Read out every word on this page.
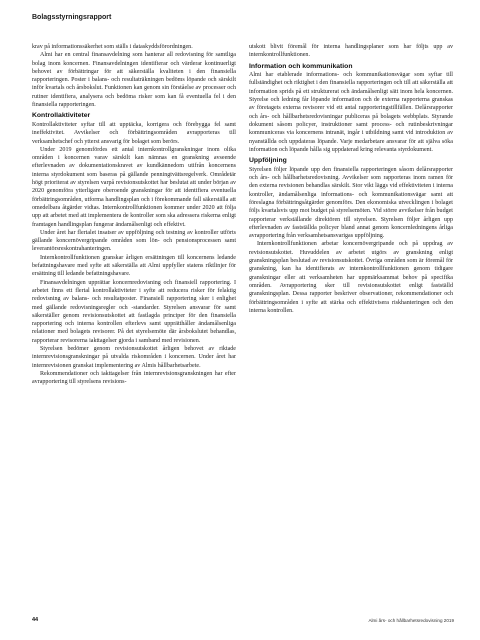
Bolagsstyrningsrapport

krav på informationssäkerhet som ställs i dataskyddsförordningen.

Almi har en central finansavdelning som hanterar all redovisning för samtliga bolag inom koncernen. Finansavdelningen identifierar och värderar kontinuerligt behovet av förbättringar för att säkerställa kvaliteten i den finansiella rapporteringen. Poster i balans- och resultaträkningen bedöms löpande och särskilt inför kvartals och årsbokslut. Funktionen kan genom sin förståelse av processer och rutiner identifiera, analysera och bedöma risker som kan få eventuella fel i den finansiella rapporteringen.

Kontrollaktiviteter

Kontrollaktiviteter syftar till att upptäcka, korrigera och förebygga fel samt ineffektivitet. Avvikelser och förbättringsområden avrapporteras till verksamhetschef och ytterst ansvarig för bolaget som berörs.

Under 2019 genomfördes ett antal internkontrollgranskningar inom olika områden i koncernen varav särskilt kan nämnas en granskning avseende efterlevnaden av dokumentationskravet av kundkännedom utifrån koncernens interna styrdokument som baseras på gällande penningtvättsregelverk. Områdetär högt prioriterat av styrelsen varpå revisionsutskottet har beslutat att under början av 2020 genomföra ytterligare oberoende granskningar för att identifiera eventuella förbättringsområden, utforma handlingsplan och i förekommande fall säkerställa att omedelbara åtgärder vidtas. Internkontrollfunktionen kommer under 2020 att följa upp att arbetet med att implementera de kontroller som ska adressera riskerna enligt framtagen handlingsplan fungerar ändamålsenligt och effektivt.

Under året har flertalet insatser av uppföljning och testning av kontroller utförts gällande koncernövergripande områden som lön- och pensionsprocessen samt leverantörsreskontrahanteringen.

Internkontrollfunktionen granskar årligen ersättningen till koncernens ledande befattningshavare med syfte att säkerställa att Almi uppfyller statens riktlinjer för ersättning till ledande befattningshavare.

Finansavdelningen upprättar koncernredovisning och finansiell rapportering. I arbetet finns ett flertal kontrollaktiviteter i syfte att reducera risker för felaktig redovisning av balans- och resultatposter. Finansiell rapportering sker i enlighet med gällande redovisningsregler och -standarder. Styrelsen ansvarar för samt säkerställer genom revisionsutskottet att fastlagda principer för den finansiella rapportering och interna kontrollen efterlevs samt upprätthåller ändamålsenliga relationer med bolagets revisorer. På det styrelsemöte där årsbokslutet behandlas, rapporterar revisorerna iakttagelser gjorda i samband med revisionen.

Styrelsen bedömer genom revisionsutskottet årligen behovet av riktade internrevisionsgranskningar på utvalda riskområden i koncernen. Under året har internrevisionen granskat implementering av Almis hållbarhetsarbete.

Rekommendationer och iakttagelser från internrevisionsgranskningen har efter avrapportering till styrelsens revisions-

utskott blivit föremål för interna handlingsplaner som har följts upp av internkontrollfunktionen.

Information och kommunikation

Almi har etablerade informations- och kommunikationsvägar som syftar till fullständighet och riktighet i den finansiella rapporteringen och till att säkerställa att information sprids på ett strukturerat och ändamålsenligt sätt inom hela koncernen. Styrelse och ledning får löpande information och de externa rapporterna granskas av företagets externa revisorer vid ett antal rapporteringstillfällen. Delårsrapporter och års- och hållbarhetsredovisningar publiceras på bolagets webbplats. Styrande dokument såsom policyer, instruktioner samt process- och rutinbeskrivningar kommuniceras via koncernens intranät, ingår i utbildning samt vid introduktion av nyanställda och uppdateras löpande. Varje medarbetare ansvarar för att själva söka information och löpande hålla sig uppdaterad kring relevanta styrdokument.

Uppföljning

Styrelsen följer löpande upp den finansiella rapporteringen såsom delårsrapporter och års- och hållbarhetsredovisning. Avvikelser som rapporteras inom ramen för den externa revisionen behandlas särskilt. Stor vikt läggs vid effektiviteten i interna kontroller, ändamålsenliga informations- och kommunikationsvägar samt att föreslagna förbättringsåtgärder genomförs. Den ekonomiska utvecklingen i bolaget följs kvartalsvis upp mot budget på styrelsemöten. Vid större avvikelser från budget rapporterar verkställande direktören till styrelsen. Styrelsen följer årligen upp efterlevnaden av fastställda policyer bland annat genom koncernledningens årliga avrapportering från verksamhetsansvarigas uppföljning.

Internkontrollfunktionen arbetar koncernövergripande och på uppdrag av revisionsutskottet. Huvuddelen av arbetet utgörs av granskning enligt granskningsplan beslutad av revisionsutskottet. Övriga områden som är föremål för granskning, kan ha identifierats av internkontrollfunktionen genom tidigare granskningar eller att verksamheten har uppmärksammat behov på specifika områden. Avrapportering sker till revisionsutskottet enligt fastställd granskningsplan. Dessa rapporter beskriver observationer, rekommendationer och förbättringsområden i syfte att stärka och effektivisera riskhanteringen och den interna kontrollen.

44	Almi års- och hållbarhetsredovisning 2019
